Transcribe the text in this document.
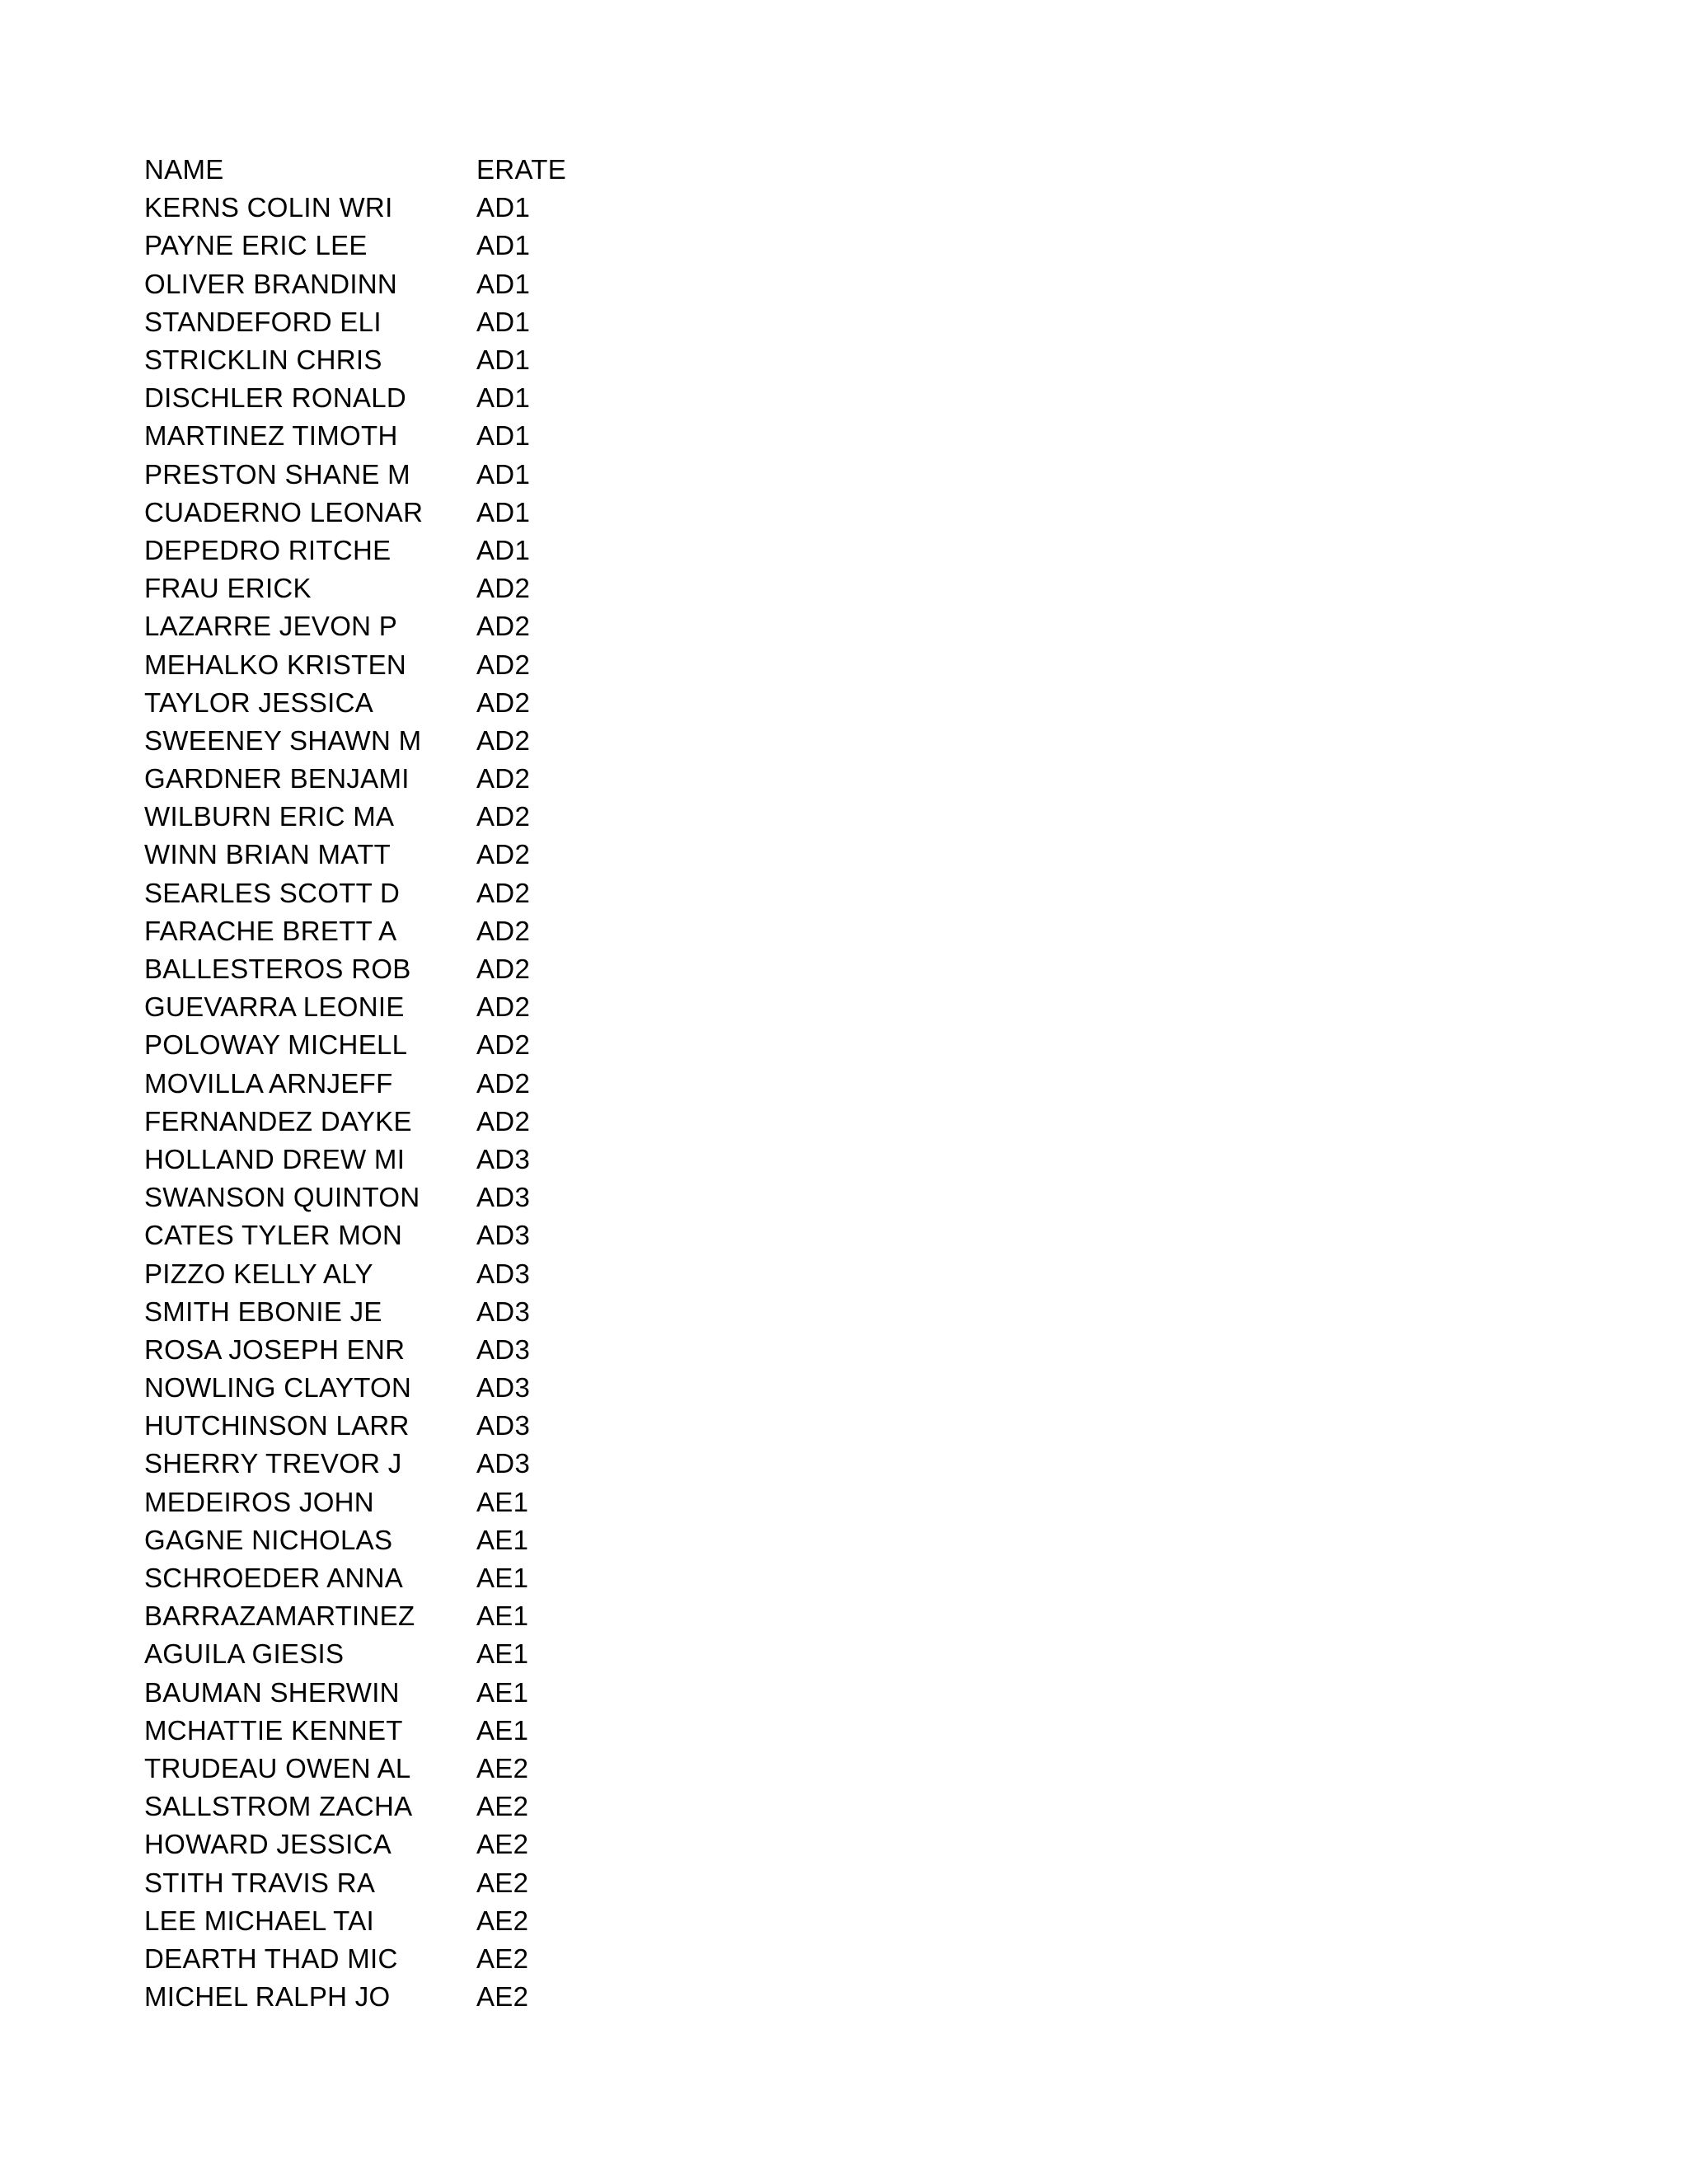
NAME	ERATE
KERNS COLIN WRI	AD1
PAYNE ERIC LEE	AD1
OLIVER BRANDINN	AD1
STANDEFORD ELI	AD1
STRICKLIN CHRIS	AD1
DISCHLER RONALD	AD1
MARTINEZ TIMOTH	AD1
PRESTON SHANE M	AD1
CUADERNO LEONAR	AD1
DEPEDRO RITCHE	AD1
FRAU ERICK	AD2
LAZARRE JEVON P	AD2
MEHALKO KRISTEN	AD2
TAYLOR JESSICA	AD2
SWEENEY SHAWN M	AD2
GARDNER BENJAMI	AD2
WILBURN ERIC MA	AD2
WINN BRIAN MATT	AD2
SEARLES SCOTT D	AD2
FARACHE BRETT A	AD2
BALLESTEROS ROB	AD2
GUEVARRA LEONIE	AD2
POLOWAY MICHELL	AD2
MOVILLA ARNJEFF	AD2
FERNANDEZ DAYKE	AD2
HOLLAND DREW MI	AD3
SWANSON QUINTON	AD3
CATES TYLER MON	AD3
PIZZO KELLY ALY	AD3
SMITH EBONIE JE	AD3
ROSA JOSEPH ENR	AD3
NOWLING CLAYTON	AD3
HUTCHINSON LARR	AD3
SHERRY TREVOR J	AD3
MEDEIROS JOHN	AE1
GAGNE NICHOLAS	AE1
SCHROEDER ANNA	AE1
BARRAZAMARTINEZ	AE1
AGUILA GIESIS	AE1
BAUMAN SHERWIN	AE1
MCHATTIE KENNET	AE1
TRUDEAU OWEN AL	AE2
SALLSTROM ZACHA	AE2
HOWARD JESSICA	AE2
STITH TRAVIS RA	AE2
LEE MICHAEL TAI	AE2
DEARTH THAD MIC	AE2
MICHEL RALPH JO	AE2
